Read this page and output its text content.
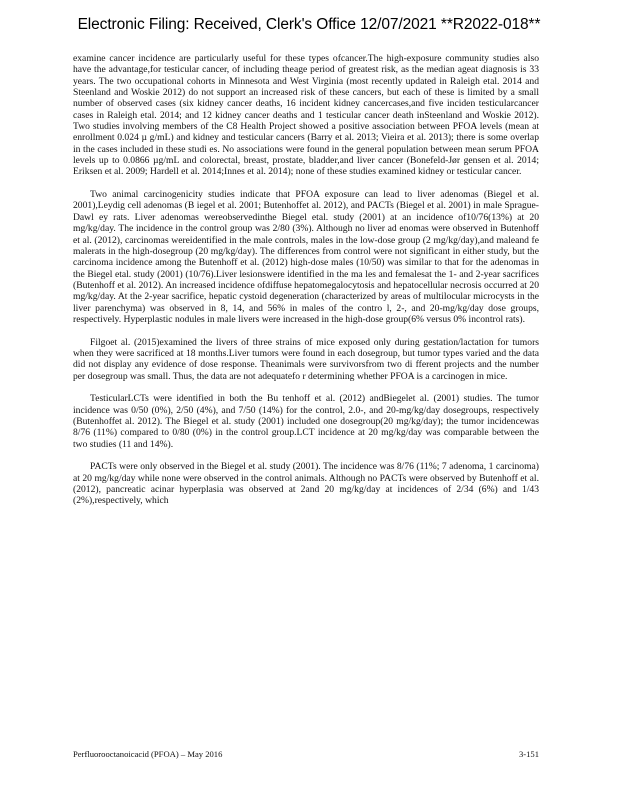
Electronic Filing: Received, Clerk's Office 12/07/2021 **R2022-018**

examine cancer incidence are particularly useful for these types ofcancer.The high-exposure community studies also have the advantage,for testicular cancer, of including theage period of greatest risk, as the median ageat diagnosis is 33 years. The two occupational cohorts in Minnesota and West Virginia (most recently updated in Raleigh etal. 2014 and Steenland and Woskie 2012) do not support an increased risk of these cancers, but each of these is limited by a small number of observed cases (six kidney cancer deaths, 16 incident kidney cancercases,and five inciden testicularcancer cases in Raleigh etal. 2014; and 12 kidney cancer deaths and 1 testicular cancer death inSteenland and Woskie 2012). Two studies involving members of the C8 Health Project showed a positive association between PFOA levels (mean at enrollment 0.024 µ g/mL) and kidney and testicular cancers (Barry et al. 2013; Vieira et al. 2013); there is some overlap in the cases included in these studi es. No associations were found in the general population between mean serum PFOA levels up to 0.0866 µg/mL and colorectal, breast, prostate, bladder,and liver cancer (Bonefeld-Jør gensen et al. 2014; Eriksen et al. 2009; Hardell et al. 2014;Innes et al. 2014); none of these studies examined kidney or testicular cancer.

Two animal carcinogenicity studies indicate that PFOA exposure can lead to liver adenomas (Biegel et al. 2001),Leydig cell adenomas (B iegel et al. 2001; Butenhoffet al. 2012), and PACTs (Biegel et al. 2001) in male Sprague-Dawl ey rats. Liver adenomas wereobservedinthe Biegel etal. study (2001) at an incidence of10/76(13%) at 20 mg/kg/day. The incidence in the control group was 2/80 (3%). Although no liver ad enomas were observed in Butenhoff et al. (2012), carcinomas wereidentified in the male controls, males in the low-dose group (2 mg/kg/day),and maleand fe malerats in the high-dosegroup (20 mg/kg/day). The differences from control were not significant in either study, but the carcinoma incidence among the Butenhoff et al. (2012) high-dose males (10/50) was similar to that for the adenomas in the Biegel etal. study (2001) (10/76).Liver lesionswere identified in the ma les and femalesat the 1- and 2-year sacrifices (Butenhoff et al. 2012). An increased incidence ofdiffuse hepatomegalocytosis and hepatocellular necrosis occurred at 20 mg/kg/day. At the 2-year sacrifice, hepatic cystoid degeneration (characterized by areas of multilocular microcysts in the liver parenchyma) was observed in 8, 14, and 56% in males of the contro l, 2-, and 20-mg/kg/day dose groups, respectively. Hyperplastic nodules in male livers were increased in the high-dose group(6% versus 0% incontrol rats).

Filgoet al. (2015)examined the livers of three strains of mice exposed only during gestation/lactation for tumors when they were sacrificed at 18 months.Liver tumors were found in each dosegroup, but tumor types varied and the data did not display any evidence of dose response. Theanimals were survivorsfrom two di fferent projects and the number per dosegroup was small. Thus, the data are not adequatefo r determining whether PFOA is a carcinogen in mice.

TesticularLCTs were identified in both the Bu tenhoff et al. (2012) andBiegelet al. (2001) studies. The tumor incidence was 0/50 (0%), 2/50 (4%), and 7/50 (14%) for the control, 2.0-, and 20-mg/kg/day dosegroups, respectively (Butenhoffet al. 2012). The Biegel et al. study (2001) included one dosegroup(20 mg/kg/day); the tumor incidencewas 8/76 (11%) compared to 0/80 (0%) in the control group.LCT incidence at 20 mg/kg/day was comparable between the two studies (11 and 14%).

PACTs were only observed in the Biegel et al. study (2001). The incidence was 8/76 (11%; 7 adenoma, 1 carcinoma) at 20 mg/kg/day while none were observed in the control animals. Although no PACTs were observed by Butenhoff et al. (2012), pancreatic acinar hyperplasia was observed at 2and 20 mg/kg/day at incidences of 2/34 (6%) and 1/43 (2%),respectively, which

Perfluorooctanoicacid (PFOA) – May 2016	3-151
